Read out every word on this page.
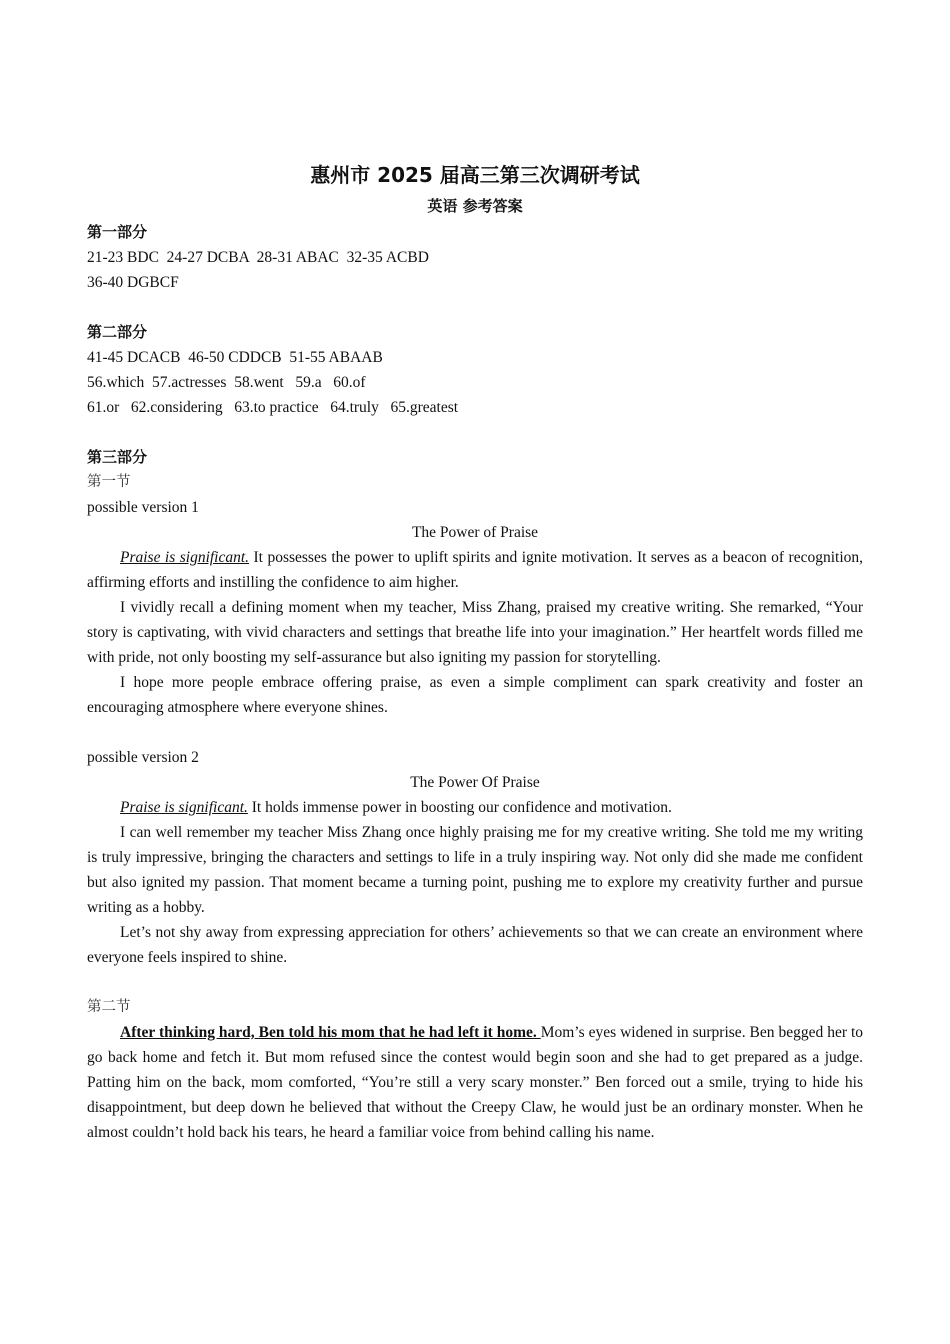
惠州市 2025 届高三第三次调研考试
英语 参考答案

第一部分

21-23 BDC  24-27 DCBA  28-31 ABAC  32-35 ACBD

36-40 DGBCF

第二部分

41-45 DCACB  46-50 CDDCB  51-55 ABAAB

56.which  57.actresses  58.went   59.a   60.of

61.or   62.considering   63.to practice   64.truly   65.greatest

第三部分

第一节

possible version 1

The Power of Praise

Praise is significant. It possesses the power to uplift spirits and ignite motivation. It serves as a beacon of recognition, affirming efforts and instilling the confidence to aim higher.

I vividly recall a defining moment when my teacher, Miss Zhang, praised my creative writing. She remarked, “Your story is captivating, with vivid characters and settings that breathe life into your imagination.” Her heartfelt words filled me with pride, not only boosting my self-assurance but also igniting my passion for storytelling.

I hope more people embrace offering praise, as even a simple compliment can spark creativity and foster an encouraging atmosphere where everyone shines.

possible version 2

The Power Of Praise

Praise is significant. It holds immense power in boosting our confidence and motivation.

I can well remember my teacher Miss Zhang once highly praising me for my creative writing. She told me my writing is truly impressive, bringing the characters and settings to life in a truly inspiring way. Not only did she made me confident but also ignited my passion. That moment became a turning point, pushing me to explore my creativity further and pursue writing as a hobby.

Let’s not shy away from expressing appreciation for others’ achievements so that we can create an environment where everyone feels inspired to shine.

第二节

After thinking hard, Ben told his mom that he had left it home. Mom’s eyes widened in surprise. Ben begged her to go back home and fetch it. But mom refused since the contest would begin soon and she had to get prepared as a judge. Patting him on the back, mom comforted, “You’re still a very scary monster.” Ben forced out a smile, trying to hide his disappointment, but deep down he believed that without the Creepy Claw, he would just be an ordinary monster. When he almost couldn’t hold back his tears, he heard a familiar voice from behind calling his name.
